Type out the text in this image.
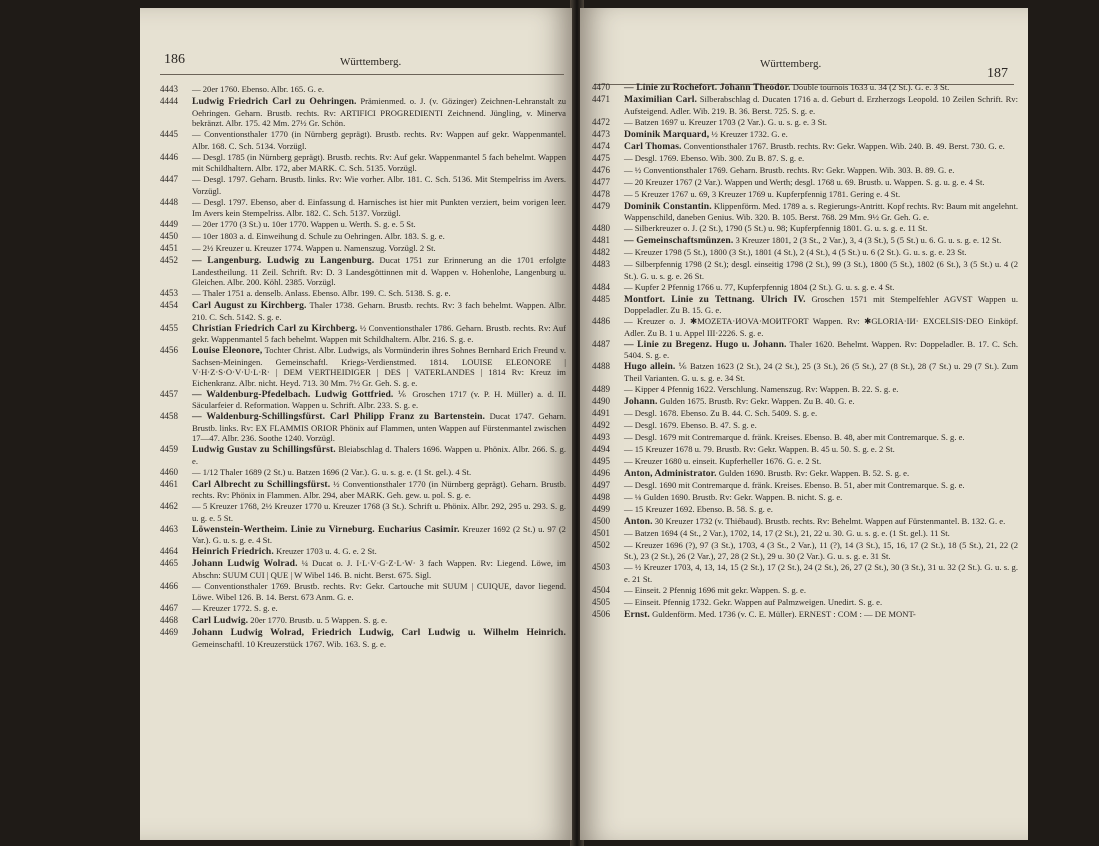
186	Württemberg.
4443 — 20er 1760. Ebenso. Albr. 165. G. e.
4444 Ludwig Friedrich Carl zu Oehringen. Prämienmed. o. J. (v. Gözinger) Zeichnen-Lehranstalt zu Oehringen. Geharn. Brustb. rechts. Rv: ARTIFICI PROGREDIENTI Zeichnend. Jüngling, v. Minerva bekränzt. Albr. 175. 42 Mm. 27½ Gr. Schön.
4445 — Conventionsthaler 1770 (in Nürnberg geprägt). Brustb. rechts. Rv: Wappen auf gekr. Wappenmantel. Albr. 168. C. Sch. 5134. Vorzügl.
4446 — Desgl. 1785 (in Nürnberg geprägt). Brustb. rechts. Rv: Auf gekr. Wappenmantel 5 fach behelmt. Wappen mit Schildhaltern. Albr. 172, aber MARK. C. Sch. 5135. Vorzügl.
4447 — Desgl. 1797. Geharn. Brustb. links. Rv: Wie vorher. Albr. 181. C. Sch. 5136. Mit Stempelriss im Avers. Vorzügl.
4448 — Desgl. 1797. Ebenso, aber d. Einfassung d. Harnisches ist hier mit Punkten verziert, beim vorigen leer. Im Avers kein Stempelriss. Albr. 182. C. Sch. 5137. Vorzügl.
4449 — 20er 1770 (3 St.) u. 10er 1770. Wappen u. Werth. S. g. e. 5 St.
4450 — 10er 1803 a. d. Einweihung d. Schule zu Oehringen. Albr. 183. S. g. e.
4451 — 2½ Kreuzer u. Kreuzer 1774. Wappen u. Namenszug. Vorzügl. 2 St.
4452 — Langenburg. Ludwig zu Langenburg. Ducat 1751 zur Erinnerung an die 1701 erfolgte Landestheilung. 11 Zeil. Schrift. Rv: D. 3 Landesgöttinnen mit d. Wappen v. Hohenlohe, Langenburg u. Gleichen. Albr. 200. Köhl. 2385. Vorzügl.
4453 — Thaler 1751 a. denselb. Anlass. Ebenso. Albr. 199. C. Sch. 5138. S. g. e.
4454 Carl August zu Kirchberg. Thaler 1738. Geharn. Brustb. rechts. Rv: 3 fach behelmt. Wappen. Albr. 210. C. Sch. 5142. S. g. e.
4455 Christian Friedrich Carl zu Kirchberg. ½ Conventionsthaler 1786. Geharn. Brustb. rechts. Rv: Auf gekr. Wappenmantel 5 fach behelmt. Wappen mit Schildhaltern. Albr. 216. S. g. e.
4456 Louise Eleonore, Tochter Christ. Albr. Ludwigs, als Vormünderin ihres Sohnes Bernhard Erich Freund v. Sachsen-Meiningen. Gemeinschaftl. Kriegs-Verdienstmed. 1814. LOUISE ELEONORE | V·H·Z·S·O·V·U·L·R· | DEM VERTHEIDIGER | DES | VATERLANDES | 1814 Rv: Kreuz im Eichenkranz. Albr. nicht. Heyd. 713. 30 Mm. 7½ Gr. Geh. S. g. e.
4457 — Waldenburg-Pfedelbach. Ludwig Gottfried. ⅙ Groschen 1717 (v. P. H. Müller) a. d. II. Säcularfeier d. Reformation. Wappen u. Schrift. Albr. 233. S. g. e.
4458 — Waldenburg-Schillingsfürst. Carl Philipp Franz zu Bartenstein. Ducat 1747. Geharn. Brustb. links. Rv: EX FLAMMIS ORIOR Phönix auf Flammen, unten Wappen auf Fürstenmantel zwischen 17—47. Albr. 236. Soothe 1240. Vorzügl.
4459 Ludwig Gustav zu Schillingsfürst. Bleiabschlag d. Thalers 1696. Wappen u. Phönix. Albr. 266. S. g. e.
4460 — 1/12 Thaler 1689 (2 St.) u. Batzen 1696 (2 Var.). G. u. s. g. e. (1 St. gel.). 4 St.
4461 Carl Albrecht zu Schillingsfürst. ½ Conventionsthaler 1770 (in Nürnberg geprägt). Geharn. Brustb. rechts. Rv: Phönix in Flammen. Albr. 294, aber MARK. Geh. gew. u. pol. S. g. e.
4462 — 5 Kreuzer 1768, 2½ Kreuzer 1770 u. Kreuzer 1768 (3 St.). Schrift u. Phönix. Albr. 292, 295 u. 293. S. g. u. g. e. 5 St.
4463 Löwenstein-Wertheim. Linie zu Virneburg. Eucharius Casimir. Kreuzer 1692 (2 St.) u. 97 (2 Var.). G. u. s. g. e. 4 St.
4464 Heinrich Friedrich. Kreuzer 1703 u. 4. G. e. 2 St.
4465 Johann Ludwig Wolrad. ¼ Ducat o. J. I·L·V·G·Z·L·W· 3 fach Wappen. Rv: Liegend. Löwe, im Abschn: SUUM CUI | QUE | W Wibel 146. B. nicht. Berst. 675. Sigl.
4466 — Conventionsthaler 1769. Brustb. rechts. Rv: Gekr. Cartouche mit SUUM | CUIQUE, davor liegend. Löwe. Wibel 126. B. 14. Berst. 673 Anm. G. e.
4467 — Kreuzer 1772. S. g. e.
4468 Carl Ludwig. 20er 1770. Brustb. u. 5 Wappen. S. g. e.
4469 Johann Ludwig Wolrad, Friedrich Ludwig, Carl Ludwig u. Wilhelm Heinrich. Gemeinschaftl. 10 Kreuzerstück 1767. Wib. 163. S. g. e.
Württemberg.
187
4470 — Linie zu Rochefort. Johann Theodor. Double tournois 1633 u. 34 (2 St.). G. e. 3 St.
4471 Maximilian Carl. Silberabschlag d. Ducaten 1716 a. d. Geburt d. Erzherzogs Leopold. 10 Zeilen Schrift. Rv: Aufsteigend. Adler. Wib. 219. B. 36. Berst. 725. S. g. e.
4472 — Batzen 1697 u. Kreuzer 1703 (2 Var.). G. u. s. g. e. 3 St.
4473 Dominik Marquard, ½ Kreuzer 1732. G. e.
4474 Carl Thomas. Conventionsthaler 1767. Brustb. rechts. Rv: Gekr. Wappen. Wib. 240. B. 49. Berst. 730. G. e.
4475 — Desgl. 1769. Ebenso. Wib. 300. Zu B. 87. S. g. e.
4476 — ½ Conventionsthaler 1769. Geharn. Brustb. rechts. Rv: Gekr. Wappen. Wib. 303. B. 89. G. e.
4477 — 20 Kreuzer 1767 (2 Var.). Wappen und Werth; desgl. 1768 u. 69. Brustb. u. Wappen. S. g. u. g. e. 4 St.
4478 — 5 Kreuzer 1767 u. 69, 3 Kreuzer 1769 u. Kupferpfennig 1781. Gering e. 4 St.
4479 Dominik Constantin. Klippenförm. Med. 1789 a. s. Regierungs-Antritt. Kopf rechts. Rv: Baum mit angelehnt. Wappenschild, daneben Genius. Wib. 320. B. 105. Berst. 768. 29 Mm. 9½ Gr. Geh. G. e.
4480 — Silberkreuzer o. J. (2 St.), 1790 (5 St.) u. 98; Kupferpfennig 1801. G. u. s. g. e. 11 St.
4481 — Gemeinschaftsmünzen. 3 Kreuzer 1801, 2 (3 St., 2 Var.), 3, 4 (3 St.), 5 (5 St.) u. 6. G. u. s. g. e. 12 St.
4482 — Kreuzer 1798 (5 St.), 1800 (3 St.), 1801 (4 St.), 2 (4 St.), 4 (5 St.) u. 6 (2 St.). G. u. s. g. e. 23 St.
4483 — Silberpfennig 1798 (2 St.); desgl. einseitig 1798 (2 St.), 99 (3 St.), 1800 (5 St.), 1802 (6 St.), 3 (5 St.) u. 4 (2 St.). G. u. s. g. e. 26 St.
4484 — Kupfer 2 Pfennig 1766 u. 77, Kupferpfennig 1804 (2 St.). G. u. s. g. e. 4 St.
4485 Montfort. Linie zu Tettnang. Ulrich IV. Groschen 1571 mit Stempelfehler AGVST Wappen u. Doppeladler. Zu B. 15. G. e.
4486 — Kreuzer o. J. ✱MOZETA·ИOVA·MOИTFORT Wappen. Rv: ✱GLORIA·IИ· EXCELSIS·DEO Einköpf. Adler. Zu B. 1 u. Appel III·2226. S. g. e.
4487 — Linie zu Bregenz. Hugo u. Johann. Thaler 1620. Behelmt. Wappen. Rv: Doppeladler. B. 17. C. Sch. 5404. S. g. e.
4488 Hugo allein. ⅙ Batzen 1623 (2 St.), 24 (2 St.), 25 (3 St.), 26 (5 St.), 27 (8 St.), 28 (7 St.) u. 29 (7 St.). Zum Theil Varianten. G. u. s. g. e. 34 St.
4489 — Kipper 4 Pfennig 1622. Verschlung. Namenszug. Rv: Wappen. B. 22. S. g. e.
4490 Johann. Gulden 1675. Brustb. Rv: Gekr. Wappen. Zu B. 40. G. e.
4491 — Desgl. 1678. Ebenso. Zu B. 44. C. Sch. 5409. S. g. e.
4492 — Desgl. 1679. Ebenso. B. 47. S. g. e.
4493 — Desgl. 1679 mit Contremarque d. fränk. Kreises. Ebenso. B. 48, aber mit Contremarque. S. g. e.
4494 — 15 Kreuzer 1678 u. 79. Brustb. Rv: Gekr. Wappen. B. 45 u. 50. S. g. e. 2 St.
4495 — Kreuzer 1680 u. einseit. Kupferheller 1676. G. e. 2 St.
4496 Anton, Administrator. Gulden 1690. Brustb. Rv: Gekr. Wappen. B. 52. S. g. e.
4497 — Desgl. 1690 mit Contremarque d. fränk. Kreises. Ebenso. B. 51, aber mit Contremarque. S. g. e.
4498 — ⅛ Gulden 1690. Brustb. Rv: Gekr. Wappen. B. nicht. S. g. e.
4499 — 15 Kreuzer 1692. Ebenso. B. 58. S. g. e.
4500 Anton. 30 Kreuzer 1732 (v. Thiébaud). Brustb. rechts. Rv: Behelmt. Wappen auf Fürstenmantel. B. 132. G. e.
4501 — Batzen 1694 (4 St., 2 Var.), 1702, 14, 17 (2 St.), 21, 22 u. 30. G. u. s. g. e. (1 St. gel.). 11 St.
4502 — Kreuzer 1696 (?), 97 (3 St.), 1703, 4 (3 St., 2 Var.), 11 (?), 14 (3 St.), 15, 16, 17 (2 St.), 18 (5 St.), 21, 22 (2 St.), 23 (2 St.), 26 (2 Var.), 27, 28 (2 St.), 29 u. 30 (2 Var.). G. u. s. g. e. 31 St.
4503 — ½ Kreuzer 1703, 4, 13, 14, 15 (2 St.), 17 (2 St.), 24 (2 St.), 26, 27 (2 St.), 30 (3 St.), 31 u. 32 (2 St.). G. u. s. g. e. 21 St.
4504 — Einseit. 2 Pfennig 1696 mit gekr. Wappen. S. g. e.
4505 — Einseit. Pfennig 1732. Gekr. Wappen auf Palmzweigen. Unedirt. S. g. e.
4506 Ernst. Guldenförm. Med. 1736 (v. C. E. Müller). ERNEST : COM : — DE MONT-
